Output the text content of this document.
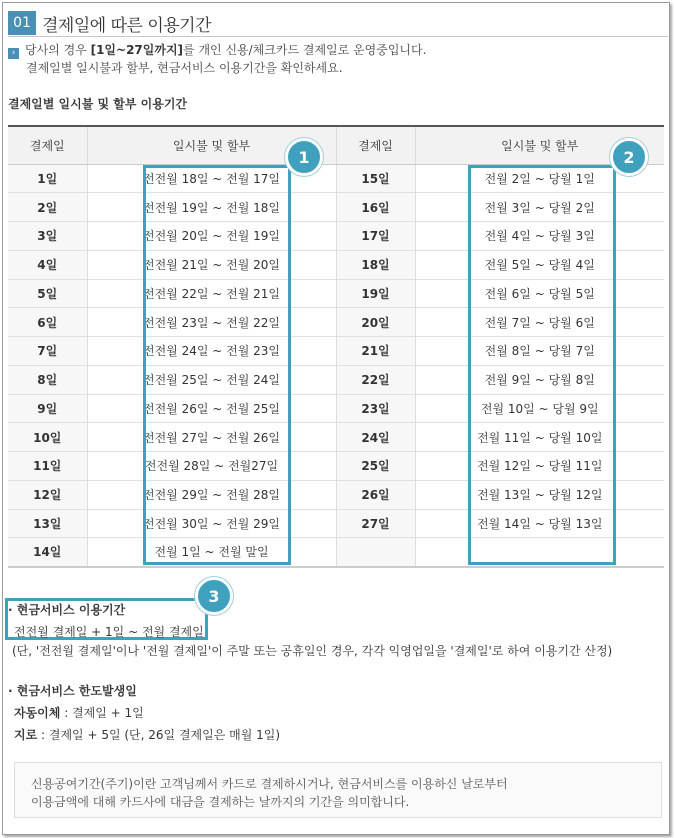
01 결제일에 따른 이용기간
› 당사의 경우 [1일~27일까지]를 개인 신용/체크카드 결제일로 운영중입니다.
결제일별 일시불과 할부, 현금서비스 이용기간을 확인하세요.
결제일별 일시불 및 할부 이용기간
결제일	일시불 및 할부	결제일	일시불 및 할부
1일	전전월 18일 ~ 전월 17일	15일	전월 2일 ~ 당월 1일
2일	전전월 19일 ~ 전월 18일	16일	전월 3일 ~ 당월 2일
3일	전전월 20일 ~ 전월 19일	17일	전월 4일 ~ 당월 3일
4일	전전월 21일 ~ 전월 20일	18일	전월 5일 ~ 당월 4일
5일	전전월 22일 ~ 전월 21일	19일	전월 6일 ~ 당월 5일
6일	전전월 23일 ~ 전월 22일	20일	전월 7일 ~ 당월 6일
7일	전전월 24일 ~ 전월 23일	21일	전월 8일 ~ 당월 7일
8일	전전월 25일 ~ 전월 24일	22일	전월 9일 ~ 당월 8일
9일	전전월 26일 ~ 전월 25일	23일	전월 10일 ~ 당월 9일
10일	전전월 27일 ~ 전월 26일	24일	전월 11일 ~ 당월 10일
11일	전전월 28일 ~ 전월27일	25일	전월 12일 ~ 당월 11일
12일	전전월 29일 ~ 전월 28일	26일	전월 13일 ~ 당월 12일
13일	전전월 30일 ~ 전월 29일	27일	전월 14일 ~ 당월 13일
14일	전월 1일 ~ 전월 말일		
1	2
3
· 현금서비스 이용기간
전전월 결제일 + 1일 ~ 전월 결제일
(단, '전전월 결제일'이나 '전월 결제일'이 주말 또는 공휴일인 경우, 각각 익영업일을 '결제일'로 하여 이용기간 산정)
· 현금서비스 한도발생일
자동이체 : 결제일 + 1일
지로 : 결제일 + 5일 (단, 26일 결제일은 매월 1일)
신용공여기간(주기)이란 고객님께서 카드로 결제하시거나, 현금서비스를 이용하신 날로부터
이용금액에 대해 카드사에 대금을 결제하는 날까지의 기간을 의미합니다.
